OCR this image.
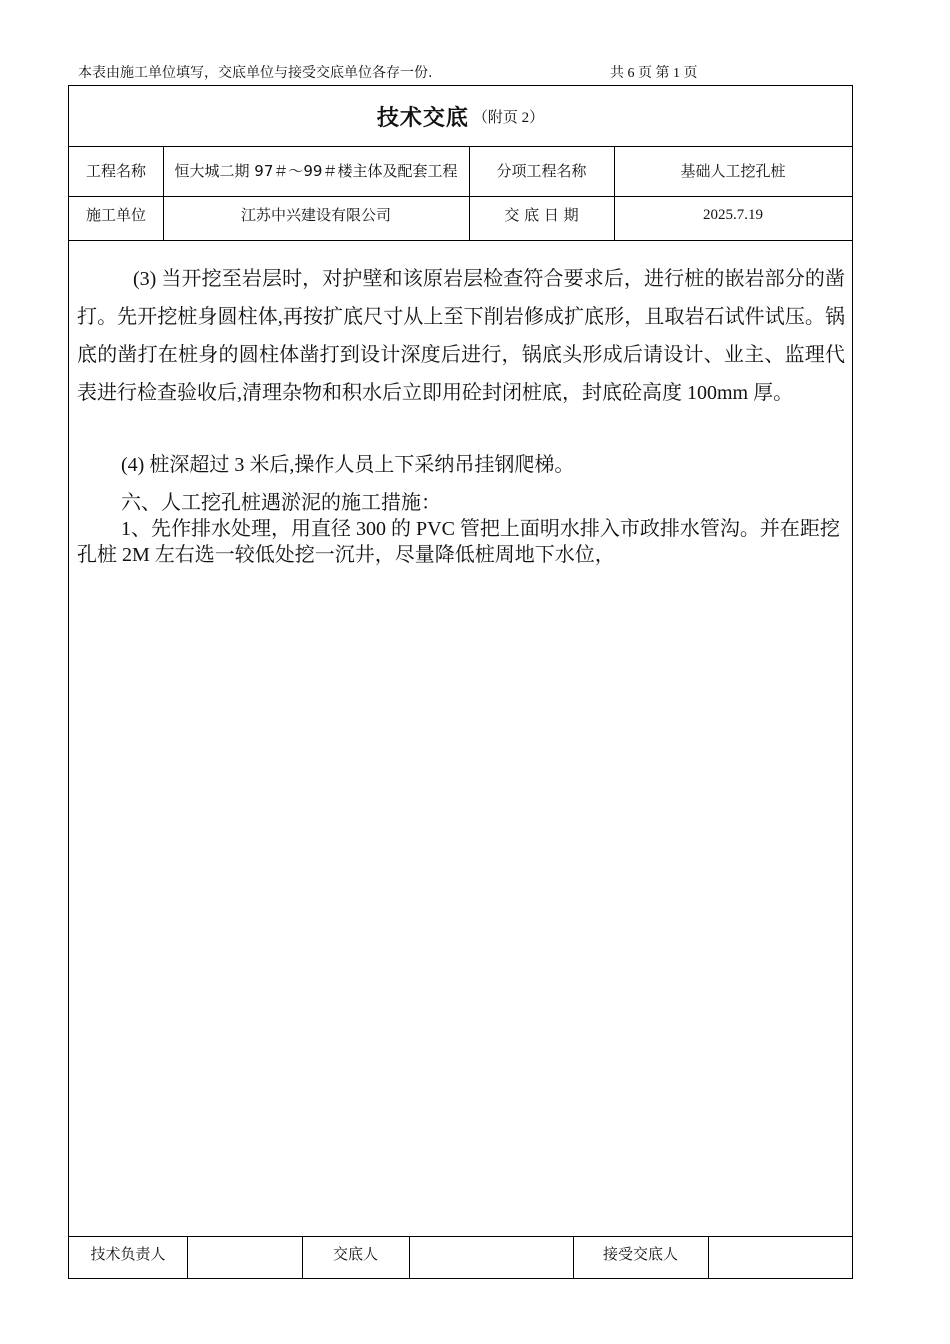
本表由施工单位填写，交底单位与接受交底单位各存一份.	共 6 页 第 1 页
技术交底 （附页 2）
工程名称	恒大城二期 97＃～99＃楼主体及配套工程	分项工程名称	基础人工挖孔桩
施工单位	江苏中兴建设有限公司	交 底 日 期	2025.7.19
(3) 当开挖至岩层时，对护壁和该原岩层检查符合要求后，进行桩的嵌岩部分的凿打。先开挖桩身圆柱体,再按扩底尺寸从上至下削岩修成扩底形，且取岩石试件试压。锅底的凿打在桩身的圆柱体凿打到设计深度后进行，锅底头形成后请设计、业主、监理代表进行检查验收后,清理杂物和积水后立即用砼封闭桩底，封底砼高度 100mm 厚。
(4) 桩深超过 3 米后,操作人员上下采纳吊挂钢爬梯。
六、人工挖孔桩遇淤泥的施工措施：
1、先作排水处理，用直径 300 的 PVC 管把上面明水排入市政排水管沟。并在距挖孔桩 2M 左右选一较低处挖一沉井，尽量降低桩周地下水位，
技术负责人	交底人	接受交底人
